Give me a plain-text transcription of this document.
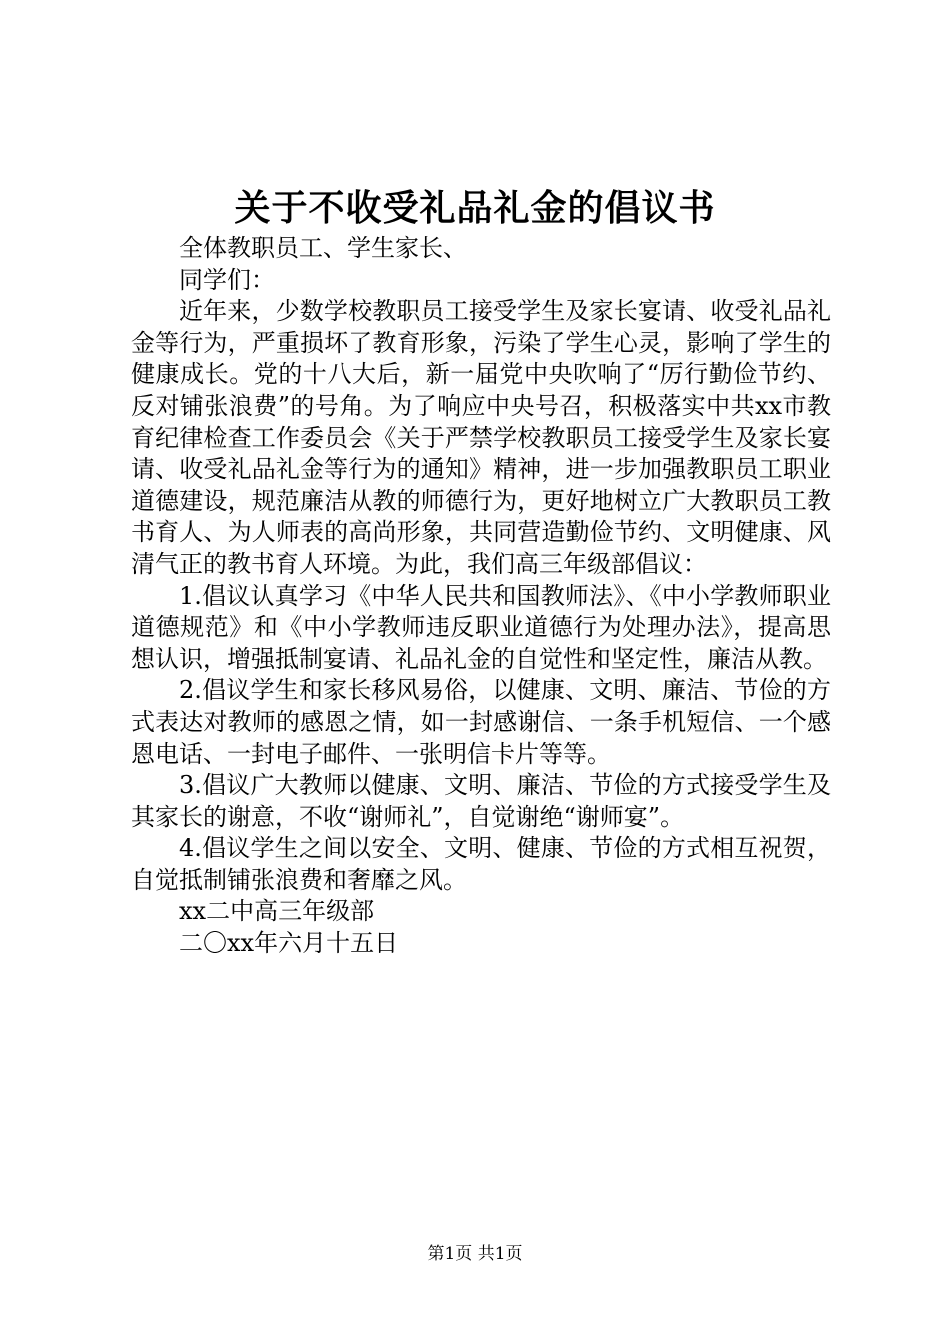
关于不收受礼品礼金的倡议书

全体教职员工、学生家长、

同学们：

近年来，少数学校教职员工接受学生及家长宴请、收受礼品礼金等行为，严重损坏了教育形象，污染了学生心灵，影响了学生的健康成长。党的十八大后，新一届党中央吹响了“厉行勤俭节约、反对铺张浪费”的号角。为了响应中央号召，积极落实中共xx市教育纪律检查工作委员会《关于严禁学校教职员工接受学生及家长宴请、收受礼品礼金等行为的通知》精神，进一步加强教职员工职业道德建设，规范廉洁从教的师德行为，更好地树立广大教职员工教书育人、为人师表的高尚形象，共同营造勤俭节约、文明健康、风清气正的教书育人环境。为此，我们高三年级部倡议：

1.倡议认真学习《中华人民共和国教师法》、《中小学教师职业道德规范》和《中小学教师违反职业道德行为处理办法》，提高思想认识，增强抵制宴请、礼品礼金的自觉性和坚定性，廉洁从教。

2.倡议学生和家长移风易俗，以健康、文明、廉洁、节俭的方式表达对教师的感恩之情，如一封感谢信、一条手机短信、一个感恩电话、一封电子邮件、一张明信卡片等等。

3.倡议广大教师以健康、文明、廉洁、节俭的方式接受学生及其家长的谢意，不收“谢师礼”，自觉谢绝“谢师宴”。

4.倡议学生之间以安全、文明、健康、节俭的方式相互祝贺，自觉抵制铺张浪费和奢靡之风。

xx二中高三年级部

二〇xx年六月十五日

第1页 共1页
